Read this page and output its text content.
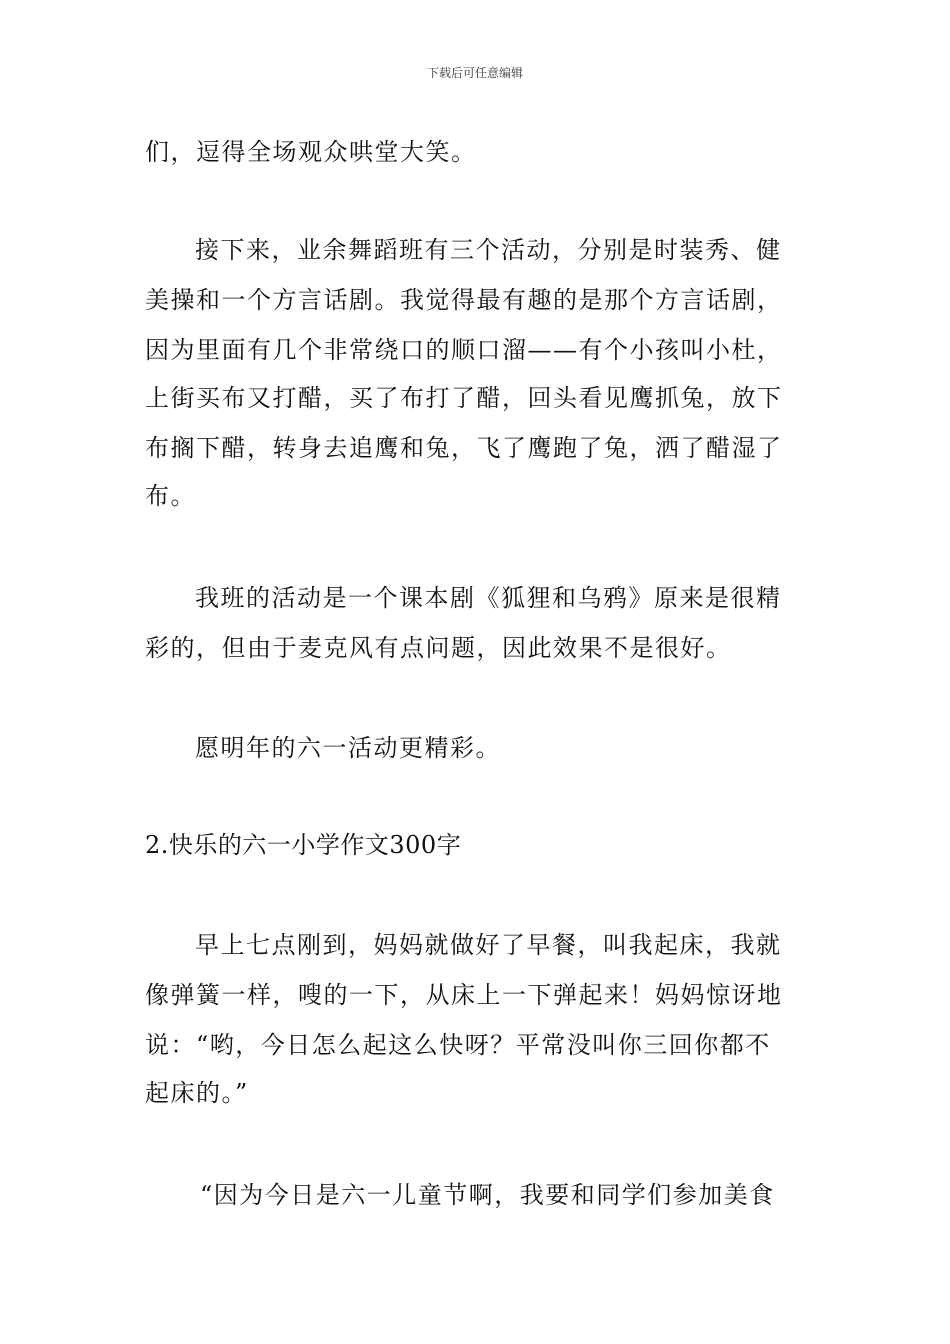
下载后可任意编辑
们，逗得全场观众哄堂大笑。
接下来，业余舞蹈班有三个活动，分别是时装秀、健
美操和一个方言话剧。我觉得最有趣的是那个方言话剧，
因为里面有几个非常绕口的顺口溜——有个小孩叫小杜，
上街买布又打醋，买了布打了醋，回头看见鹰抓兔，放下
布搁下醋，转身去追鹰和兔，飞了鹰跑了兔，洒了醋湿了
布。
我班的活动是一个课本剧《狐狸和乌鸦》原来是很精
彩的，但由于麦克风有点问题，因此效果不是很好。
愿明年的六一活动更精彩。
2.快乐的六一小学作文300字
早上七点刚到，妈妈就做好了早餐，叫我起床，我就
像弹簧一样，嗖的一下，从床上一下弹起来！妈妈惊讶地
说：“哟，今日怎么起这么快呀？平常没叫你三回你都不
起床的。”
“因为今日是六一儿童节啊，我要和同学们参加美食
